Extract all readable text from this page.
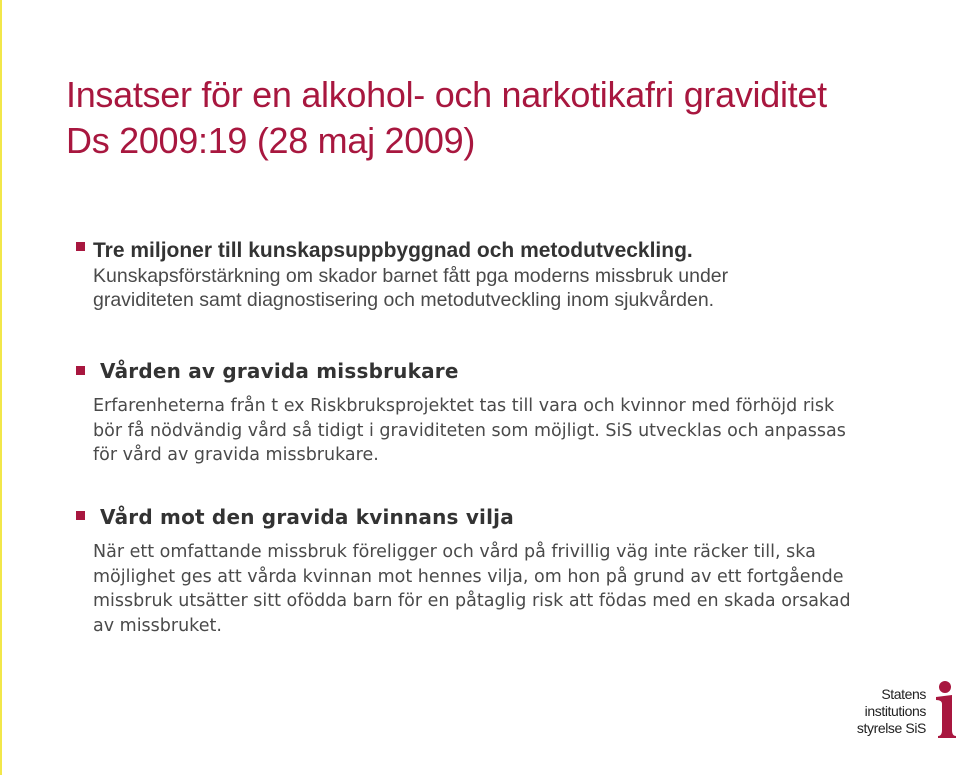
Insatser för en alkohol- och narkotikafri graviditet
Ds 2009:19 (28 maj 2009)

Tre miljoner till kunskapsuppbyggnad och metodutveckling.

Kunskapsförstärkning om skador barnet fått pga moderns missbruk under
graviditeten samt diagnostisering och metodutveckling inom sjukvården.

Vården av gravida missbrukare

Erfarenheterna från t ex Riskbruksprojektet tas till vara och kvinnor med förhöjd risk
bör få nödvändig vård så tidigt i graviditeten som möjligt. SiS utvecklas och anpassas
för vård av gravida missbrukare.

Vård mot den gravida kvinnans vilja

När ett omfattande missbruk föreligger och vård på frivillig väg inte räcker till, ska
möjlighet ges att vårda kvinnan mot hennes vilja, om hon på grund av ett fortgående
missbruk utsätter sitt ofödda barn för en påtaglig risk att födas med en skada orsakad
av missbruket.

Statens
institutions
styrelse SiS
